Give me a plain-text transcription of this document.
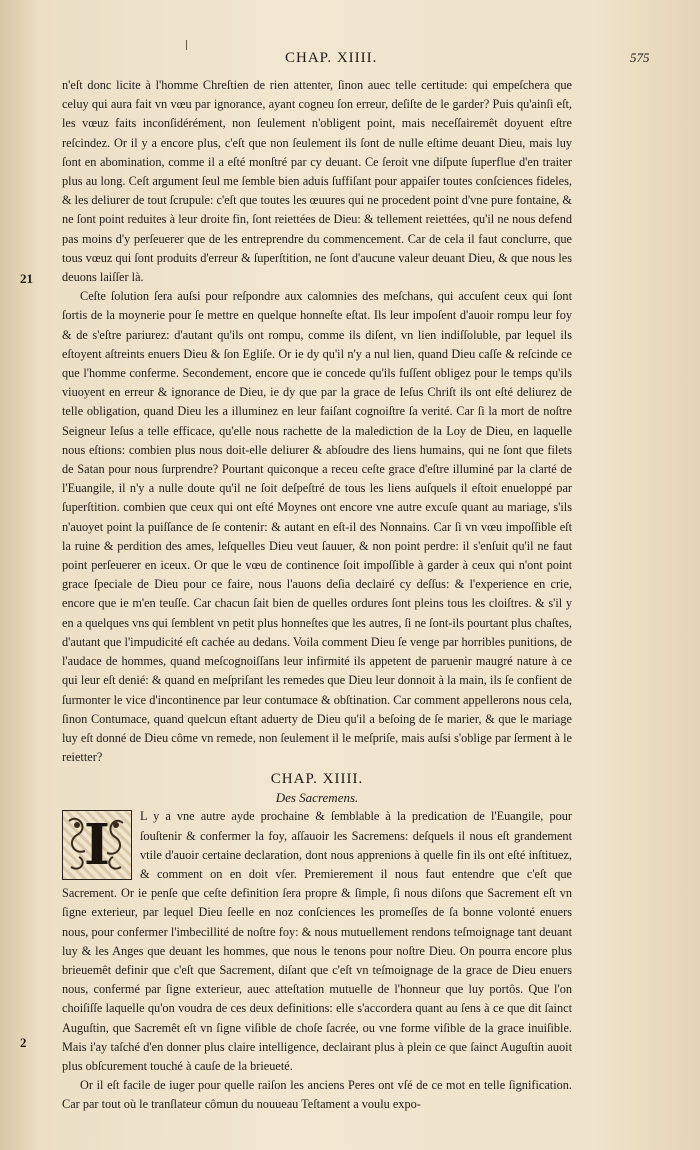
CHAP. XIIII.	575
21
2

n'eſt donc licite à l'homme Chreſtien de rien attenter, ſinon auec telle certitude: qui empeſchera que celuy qui aura fait vn vœu par ignorance, ayant cogneu ſon erreur, deſiſte de le garder? Puis qu'ainſi eſt, les vœuz faits inconſidérément, non ſeulement n'obligent point, mais neceſſairemêt doyuent eſtre reſcindez. Or il y a encore plus, c'eſt que non ſeulement ils ſont de nulle eſtime deuant Dieu, mais luy ſont en abomination, comme il a eſté monſtré par cy deuant. Ce ſeroit vne diſpute ſuperflue d'en traiter plus au long. Ceſt argument ſeul me ſemble bien aduis ſuffiſant pour appaiſer toutes conſciences fideles, & les deliurer de tout ſcrupule: c'eſt que toutes les œuures qui ne procedent point d'vne pure fontaine, & ne ſont point reduites à leur droite fin, ſont reiettées de Dieu: & tellement reiettées, qu'il ne nous defend pas moins d'y perſeuerer que de les entreprendre du commencement. Car de cela il faut conclurre, que tous vœuz qui ſont produits d'erreur & ſuperſtition, ne ſont d'aucune valeur deuant Dieu, & que nous les deuons laiſſer là.

Ceſte ſolution ſera auſsi pour reſpondre aux calomnies des meſchans, qui accuſent ceux qui ſont ſortis de la moynerie pour ſe mettre en quelque honneſte eſtat. Ils leur impoſent d'auoir rompu leur foy & de s'eſtre pariurez: d'autant qu'ils ont rompu, comme ils diſent, vn lien indiſſoluble, par lequel ils eſtoyent aſtreints enuers Dieu & ſon Egliſe. Or ie dy qu'il n'y a nul lien, quand Dieu caſſe & reſcinde ce que l'homme conferme. Secondement, encore que ie concede qu'ils fuſſent obligez pour le temps qu'ils viuoyent en erreur & ignorance de Dieu, ie dy que par la grace de Ieſus Chriſt ils ont eſté deliurez de telle obligation, quand Dieu les a illuminez en leur faiſant cognoiſtre ſa verité. Car ſi la mort de noſtre Seigneur Ieſus a telle efficace, qu'elle nous rachette de la malediction de la Loy de Dieu, en laquelle nous eſtions: combien plus nous doit-elle deliurer & abſoudre des liens humains, qui ne ſont que filets de Satan pour nous ſurprendre? Pourtant quiconque a receu ceſte grace d'eſtre illuminé par la clarté de l'Euangile, il n'y a nulle doute qu'il ne ſoit deſpeſtré de tous les liens auſquels il eſtoit enueloppé par ſuperſtition. combien que ceux qui ont eſté Moynes ont encore vne autre excuſe quant au mariage, s'ils n'auoyet point la puiſſance de ſe contenir: & autant en eſt-il des Nonnains. Car ſi vn vœu impoſſible eſt la ruine & perdition des ames, leſquelles Dieu veut ſauuer, & non point perdre: il s'enſuit qu'il ne faut point perſeuerer en iceux. Or que le vœu de continence ſoit impoſſible à garder à ceux qui n'ont point grace ſpeciale de Dieu pour ce faire, nous l'auons deſia declairé cy deſſus: & l'experience en crie, encore que ie m'en teuſſe. Car chacun ſait bien de quelles ordures ſont pleins tous les cloiſtres. & s'il y en a quelques vns qui ſemblent vn petit plus honneſtes que les autres, ſi ne ſont-ils pourtant plus chaſtes, d'autant que l'impudicité eſt cachée au dedans. Voila comment Dieu ſe venge par horribles punitions, de l'audace de hommes, quand meſcognoiſſans leur infirmité ils appetent de paruenir maugré nature à ce qui leur eſt denié: & quand en meſpriſant les remedes que Dieu leur donnoit à la main, ils ſe confient de ſurmonter le vice d'incontinence par leur contumace & obſtination. Car comment appellerons nous cela, ſinon Contumace, quand quelcun eſtant aduerty de Dieu qu'il a beſoing de ſe marier, & que le mariage luy eſt donné de Dieu côme vn remede, non ſeulement il le meſpriſe, mais auſsi s'oblige par ſerment à le reietter?

CHAP. XIIII.
Des Sacremens.
I	L y a vne autre ayde prochaine & ſemblable à la predication de l'Euangile, pour ſouſtenir & confermer la foy, aſſauoir les Sacremens: deſquels il nous eſt grandement vtile d'auoir certaine declaration, dont nous apprenions à quelle fin ils ont eſté inſtituez, & comment on en doit vſer. Premierement il nous faut entendre que c'eſt que Sacrement. Or ie penſe que ceſte definition ſera propre & ſimple, ſi nous diſons que Sacrement eſt vn ſigne exterieur, par lequel Dieu ſeelle en noz conſciences les promeſſes de ſa bonne volonté enuers nous, pour confermer l'imbecillité de noſtre foy: & nous mutuellement rendons teſmoignage tant deuant luy & les Anges que deuant les hommes, que nous le tenons pour noſtre Dieu. On pourra encore plus brieuemêt definir que c'eſt que Sacrement, diſant que c'eſt vn teſmoignage de la grace de Dieu enuers nous, confermé par ſigne exterieur, auec atteſtation mutuelle de l'honneur que luy portôs. Que l'on choiſiſſe laquelle qu'on voudra de ces deux definitions: elle s'accordera quant au ſens à ce que dit ſainct Auguſtin, que Sacremêt eſt vn ſigne viſible de choſe ſacrée, ou vne forme viſible de la grace inuiſible. Mais i'ay taſché d'en donner plus claire intelligence, declairant plus à plein ce que ſainct Auguſtin auoit plus obſcurement touché à cauſe de la brieueté.

Or il eſt facile de iuger pour quelle raiſon les anciens Peres ont vſé de ce mot en telle ſignification. Car par tout où le tranſlateur cômun du nouueau Teſtament a voulu expo-
